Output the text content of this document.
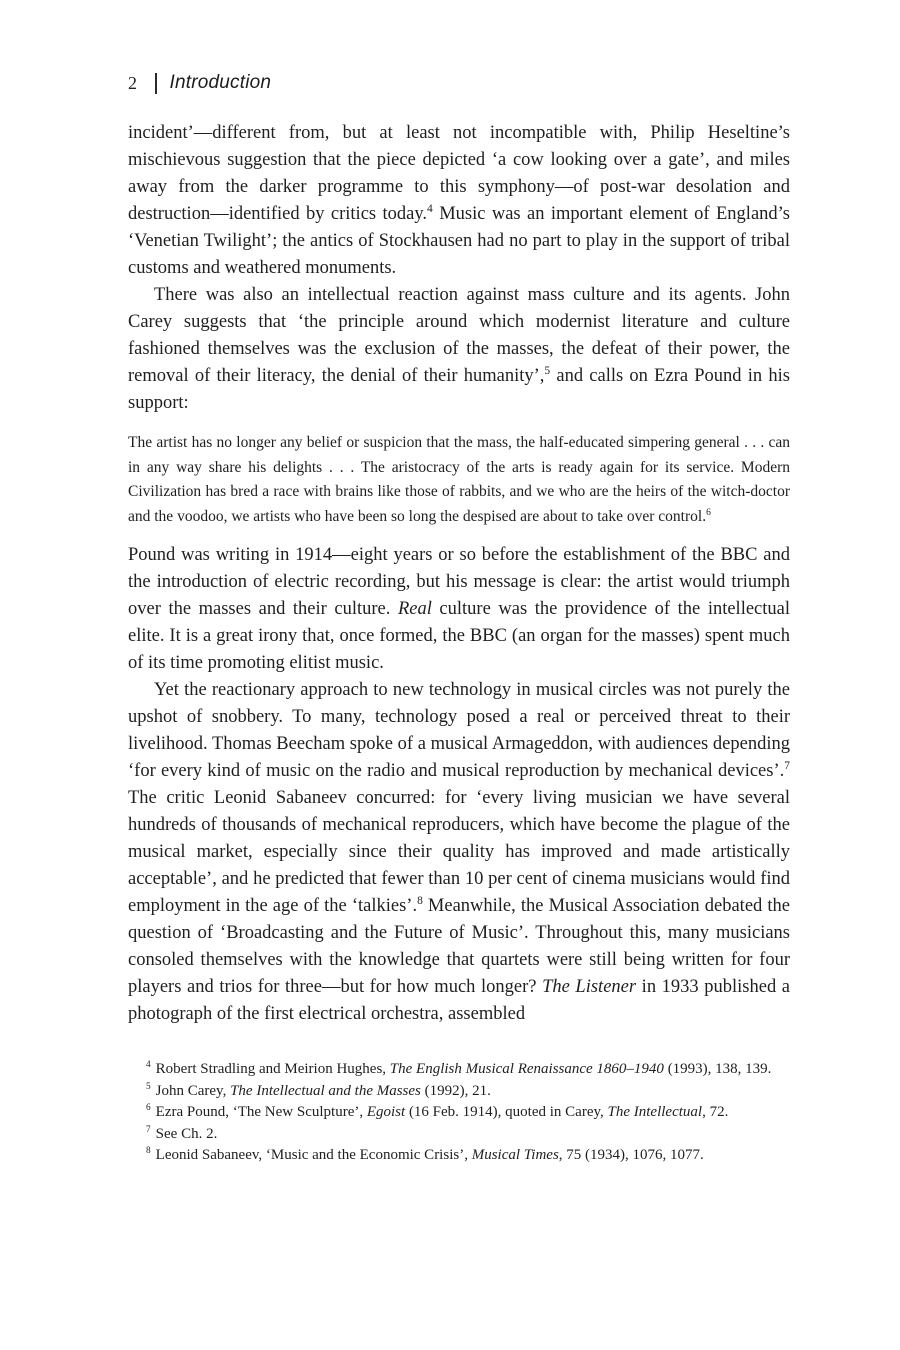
2 Introduction

incident’—different from, but at least not incompatible with, Philip Heseltine’s mischievous suggestion that the piece depicted ‘a cow looking over a gate’, and miles away from the darker programme to this symphony—of post-war desolation and destruction—identified by critics today.$^4$ Music was an important element of England’s ‘Venetian Twilight’; the antics of Stockhausen had no part to play in the support of tribal customs and weathered monuments.

There was also an intellectual reaction against mass culture and its agents. John Carey suggests that ‘the principle around which modernist literature and culture fashioned themselves was the exclusion of the masses, the defeat of their power, the removal of their literacy, the denial of their humanity’,$^5$ and calls on Ezra Pound in his support:

The artist has no longer any belief or suspicion that the mass, the half-educated simpering general . . . can in any way share his delights . . . The aristocracy of the arts is ready again for its service. Modern Civilization has bred a race with brains like those of rabbits, and we who are the heirs of the witch-doctor and the voodoo, we artists who have been so long the despised are about to take over control.$^6$

Pound was writing in 1914—eight years or so before the establishment of the BBC and the introduction of electric recording, but his message is clear: the artist would triumph over the masses and their culture. Real culture was the providence of the intellectual elite. It is a great irony that, once formed, the BBC (an organ for the masses) spent much of its time promoting elitist music.

Yet the reactionary approach to new technology in musical circles was not purely the upshot of snobbery. To many, technology posed a real or perceived threat to their livelihood. Thomas Beecham spoke of a musical Armageddon, with audiences depending ‘for every kind of music on the radio and musical reproduction by mechanical devices’.$^7$ The critic Leonid Sabaneev concurred: for ‘every living musician we have several hundreds of thousands of mechanical reproducers, which have become the plague of the musical market, especially since their quality has improved and made artistically acceptable’, and he predicted that fewer than 10 per cent of cinema musicians would find employment in the age of the ‘talkies’.$^8$ Meanwhile, the Musical Association debated the question of ‘Broadcasting and the Future of Music’. Throughout this, many musicians consoled themselves with the knowledge that quartets were still being written for four players and trios for three—but for how much longer? The Listener in 1933 published a photograph of the first electrical orchestra, assembled

$^4$ Robert Stradling and Meirion Hughes, The English Musical Renaissance 1860–1940 (1993), 138, 139.
$^5$ John Carey, The Intellectual and the Masses (1992), 21.
$^6$ Ezra Pound, ‘The New Sculpture’, Egoist (16 Feb. 1914), quoted in Carey, The Intellectual, 72.
$^7$ See Ch. 2.
$^8$ Leonid Sabaneev, ‘Music and the Economic Crisis’, Musical Times, 75 (1934), 1076, 1077.
